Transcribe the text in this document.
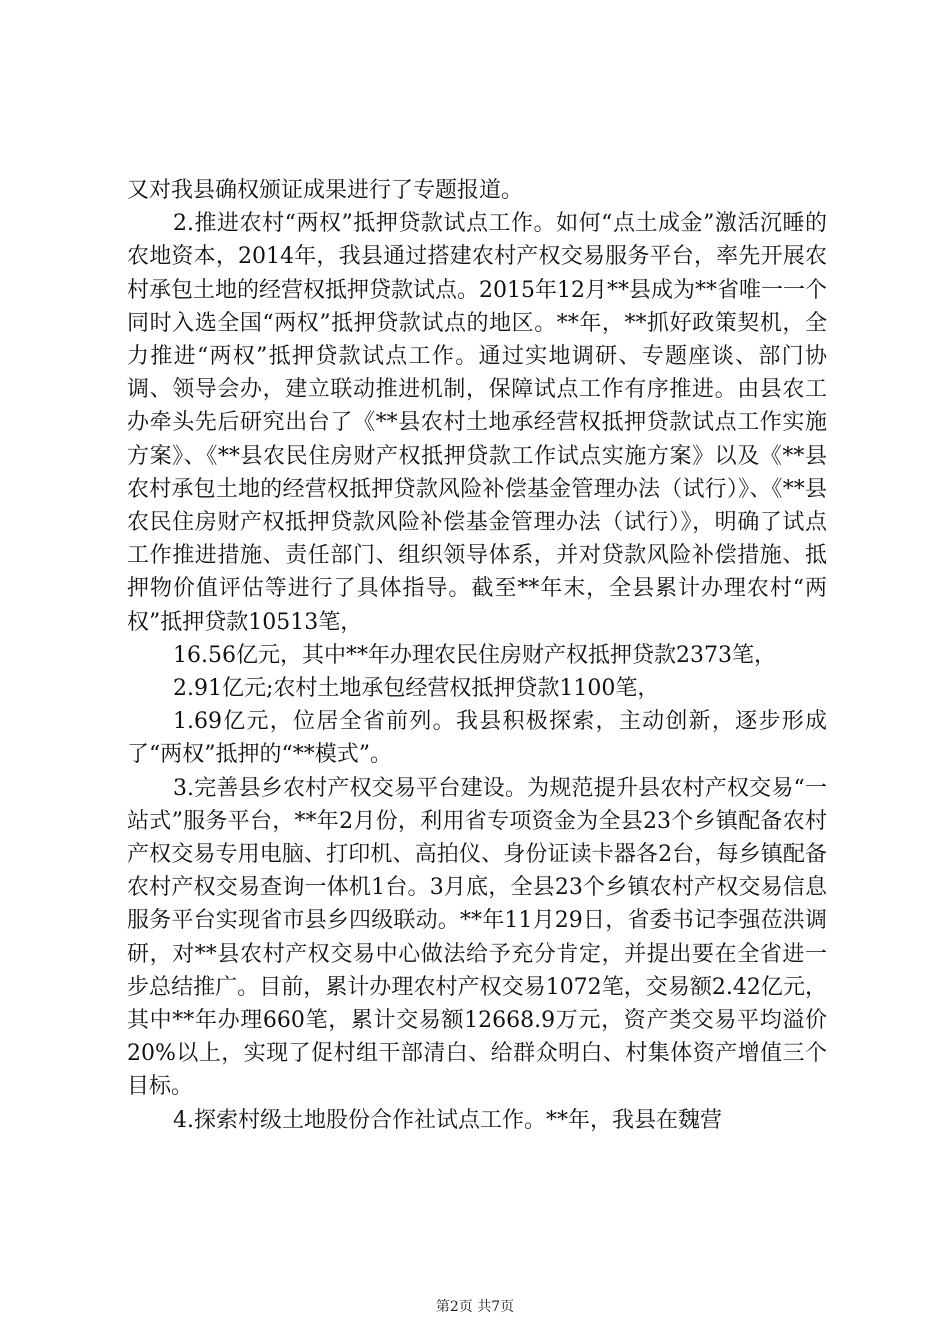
又对我县确权颁证成果进行了专题报道。

2.推进农村“两权”抵押贷款试点工作。如何“点土成金”激活沉睡的农地资本，2014年，我县通过搭建农村产权交易服务平台，率先开展农村承包土地的经营权抵押贷款试点。2015年12月**县成为**省唯一一个同时入选全国“两权”抵押贷款试点的地区。**年，**抓好政策契机，全力推进“两权”抵押贷款试点工作。通过实地调研、专题座谈、部门协调、领导会办，建立联动推进机制，保障试点工作有序推进。由县农工办牵头先后研究出台了《**县农村土地承经营权抵押贷款试点工作实施方案》、《**县农民住房财产权抵押贷款工作试点实施方案》以及《**县农村承包土地的经营权抵押贷款风险补偿基金管理办法（试行）》、《**县农民住房财产权抵押贷款风险补偿基金管理办法（试行）》，明确了试点工作推进措施、责任部门、组织领导体系，并对贷款风险补偿措施、抵押物价值评估等进行了具体指导。截至**年末，全县累计办理农村“两权”抵押贷款10513笔，

16.56亿元，其中**年办理农民住房财产权抵押贷款2373笔，

2.91亿元;农村土地承包经营权抵押贷款1100笔，

1.69亿元，位居全省前列。我县积极探索，主动创新，逐步形成了“两权”抵押的“**模式”。

3.完善县乡农村产权交易平台建设。为规范提升县农村产权交易“一站式”服务平台，**年2月份，利用省专项资金为全县23个乡镇配备农村产权交易专用电脑、打印机、高拍仪、身份证读卡器各2台，每乡镇配备农村产权交易查询一体机1台。3月底，全县23个乡镇农村产权交易信息服务平台实现省市县乡四级联动。**年11月29日，省委书记李强莅洪调研，对**县农村产权交易中心做法给予充分肯定，并提出要在全省进一步总结推广。目前，累计办理农村产权交易1072笔，交易额2.42亿元，其中**年办理660笔，累计交易额12668.9万元，资产类交易平均溢价20%以上，实现了促村组干部清白、给群众明白、村集体资产增值三个目标。

4.探索村级土地股份合作社试点工作。**年，我县在魏营

第2页 共7页
